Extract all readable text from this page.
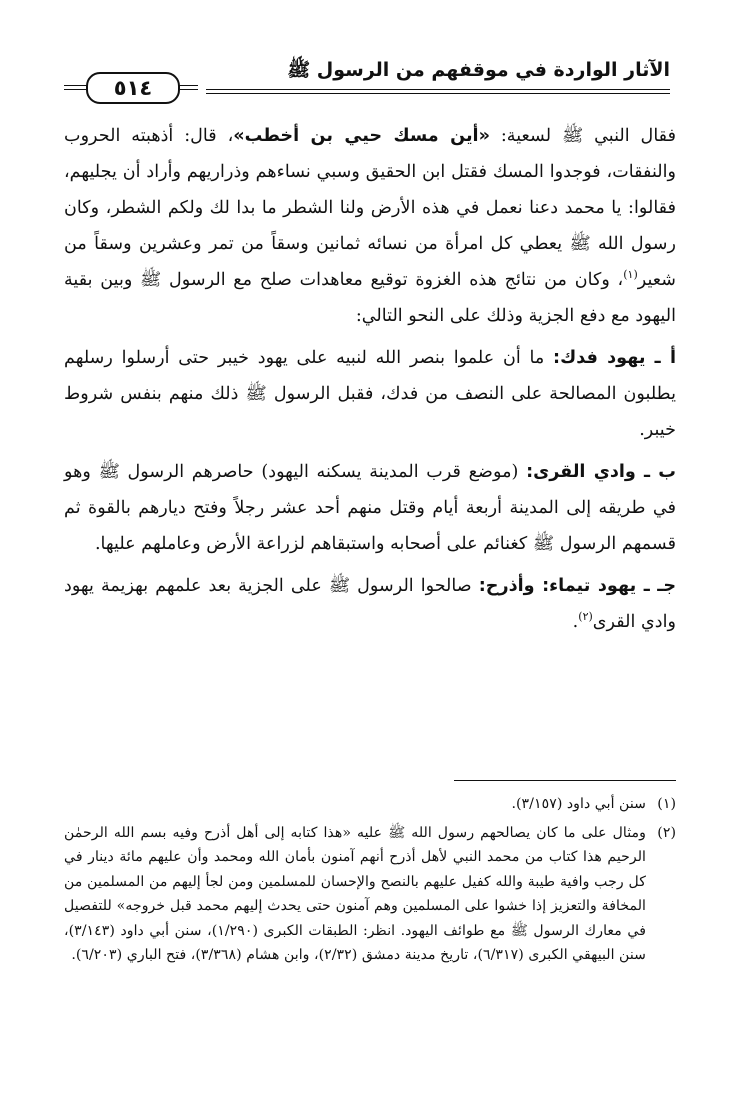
الآثار الواردة في موقفهم من الرسول ﷺ
٥١٤

فقال النبي ﷺ لسعية: «أين مسك حيي بن أخطب»، قال: أذهبته الحروب والنفقات، فوجدوا المسك فقتل ابن الحقيق وسبي نساءهم وذراريهم وأراد أن يجليهم، فقالوا: يا محمد دعنا نعمل في هذه الأرض ولنا الشطر ما بدا لك ولكم الشطر، وكان رسول الله ﷺ يعطي كل امرأة من نسائه ثمانين وسقاً من تمر وعشرين وسقاً من شعير$^{(١)}$، وكان من نتائج هذه الغزوة توقيع معاهدات صلح مع الرسول ﷺ وبين بقية اليهود مع دفع الجزية وذلك على النحو التالي:

أ ـ يهود فدك: ما أن علموا بنصر الله لنبيه على يهود خيبر حتى أرسلوا رسلهم يطلبون المصالحة على النصف من فدك، فقبل الرسول ﷺ ذلك منهم بنفس شروط خيبر.

ب ـ وادي القرى: (موضع قرب المدينة يسكنه اليهود) حاصرهم الرسول ﷺ وهو في طريقه إلى المدينة أربعة أيام وقتل منهم أحد عشر رجلاً وفتح ديارهم بالقوة ثم قسمهم الرسول ﷺ كغنائم على أصحابه واستبقاهم لزراعة الأرض وعاملهم عليها.

جـ ـ يهود تيماء: وأذرح: صالحوا الرسول ﷺ على الجزية بعد علمهم بهزيمة يهود وادي القرى$^{(٢)}$.

(١)
سنن أبي داود (٣/١٥٧).
(٢)
ومثال على ما كان يصالحهم رسول الله ﷺ عليه «هذا كتابه إلى أهل أذرح وفيه بسم الله الرحمٰن الرحيم هذا كتاب من محمد النبي لأهل أذرح أنهم آمنون بأمان الله ومحمد وأن عليهم مائة دينار في كل رجب وافية طيبة والله كفيل عليهم بالنصح والإحسان للمسلمين ومن لجأ إليهم من المسلمين من المخافة والتعزيز إذا خشوا على المسلمين وهم آمنون حتى يحدث إليهم محمد قبل خروجه» للتفصيل في معارك الرسول ﷺ مع طوائف اليهود. انظر: الطبقات الكبرى (١/٢٩٠)، سنن أبي داود (٣/١٤٣)، سنن البيهقي الكبرى (٦/٣١٧)، تاريخ مدينة دمشق (٢/٣٢)، وابن هشام (٣/٣٦٨)، فتح الباري (٦/٢٠٣).
